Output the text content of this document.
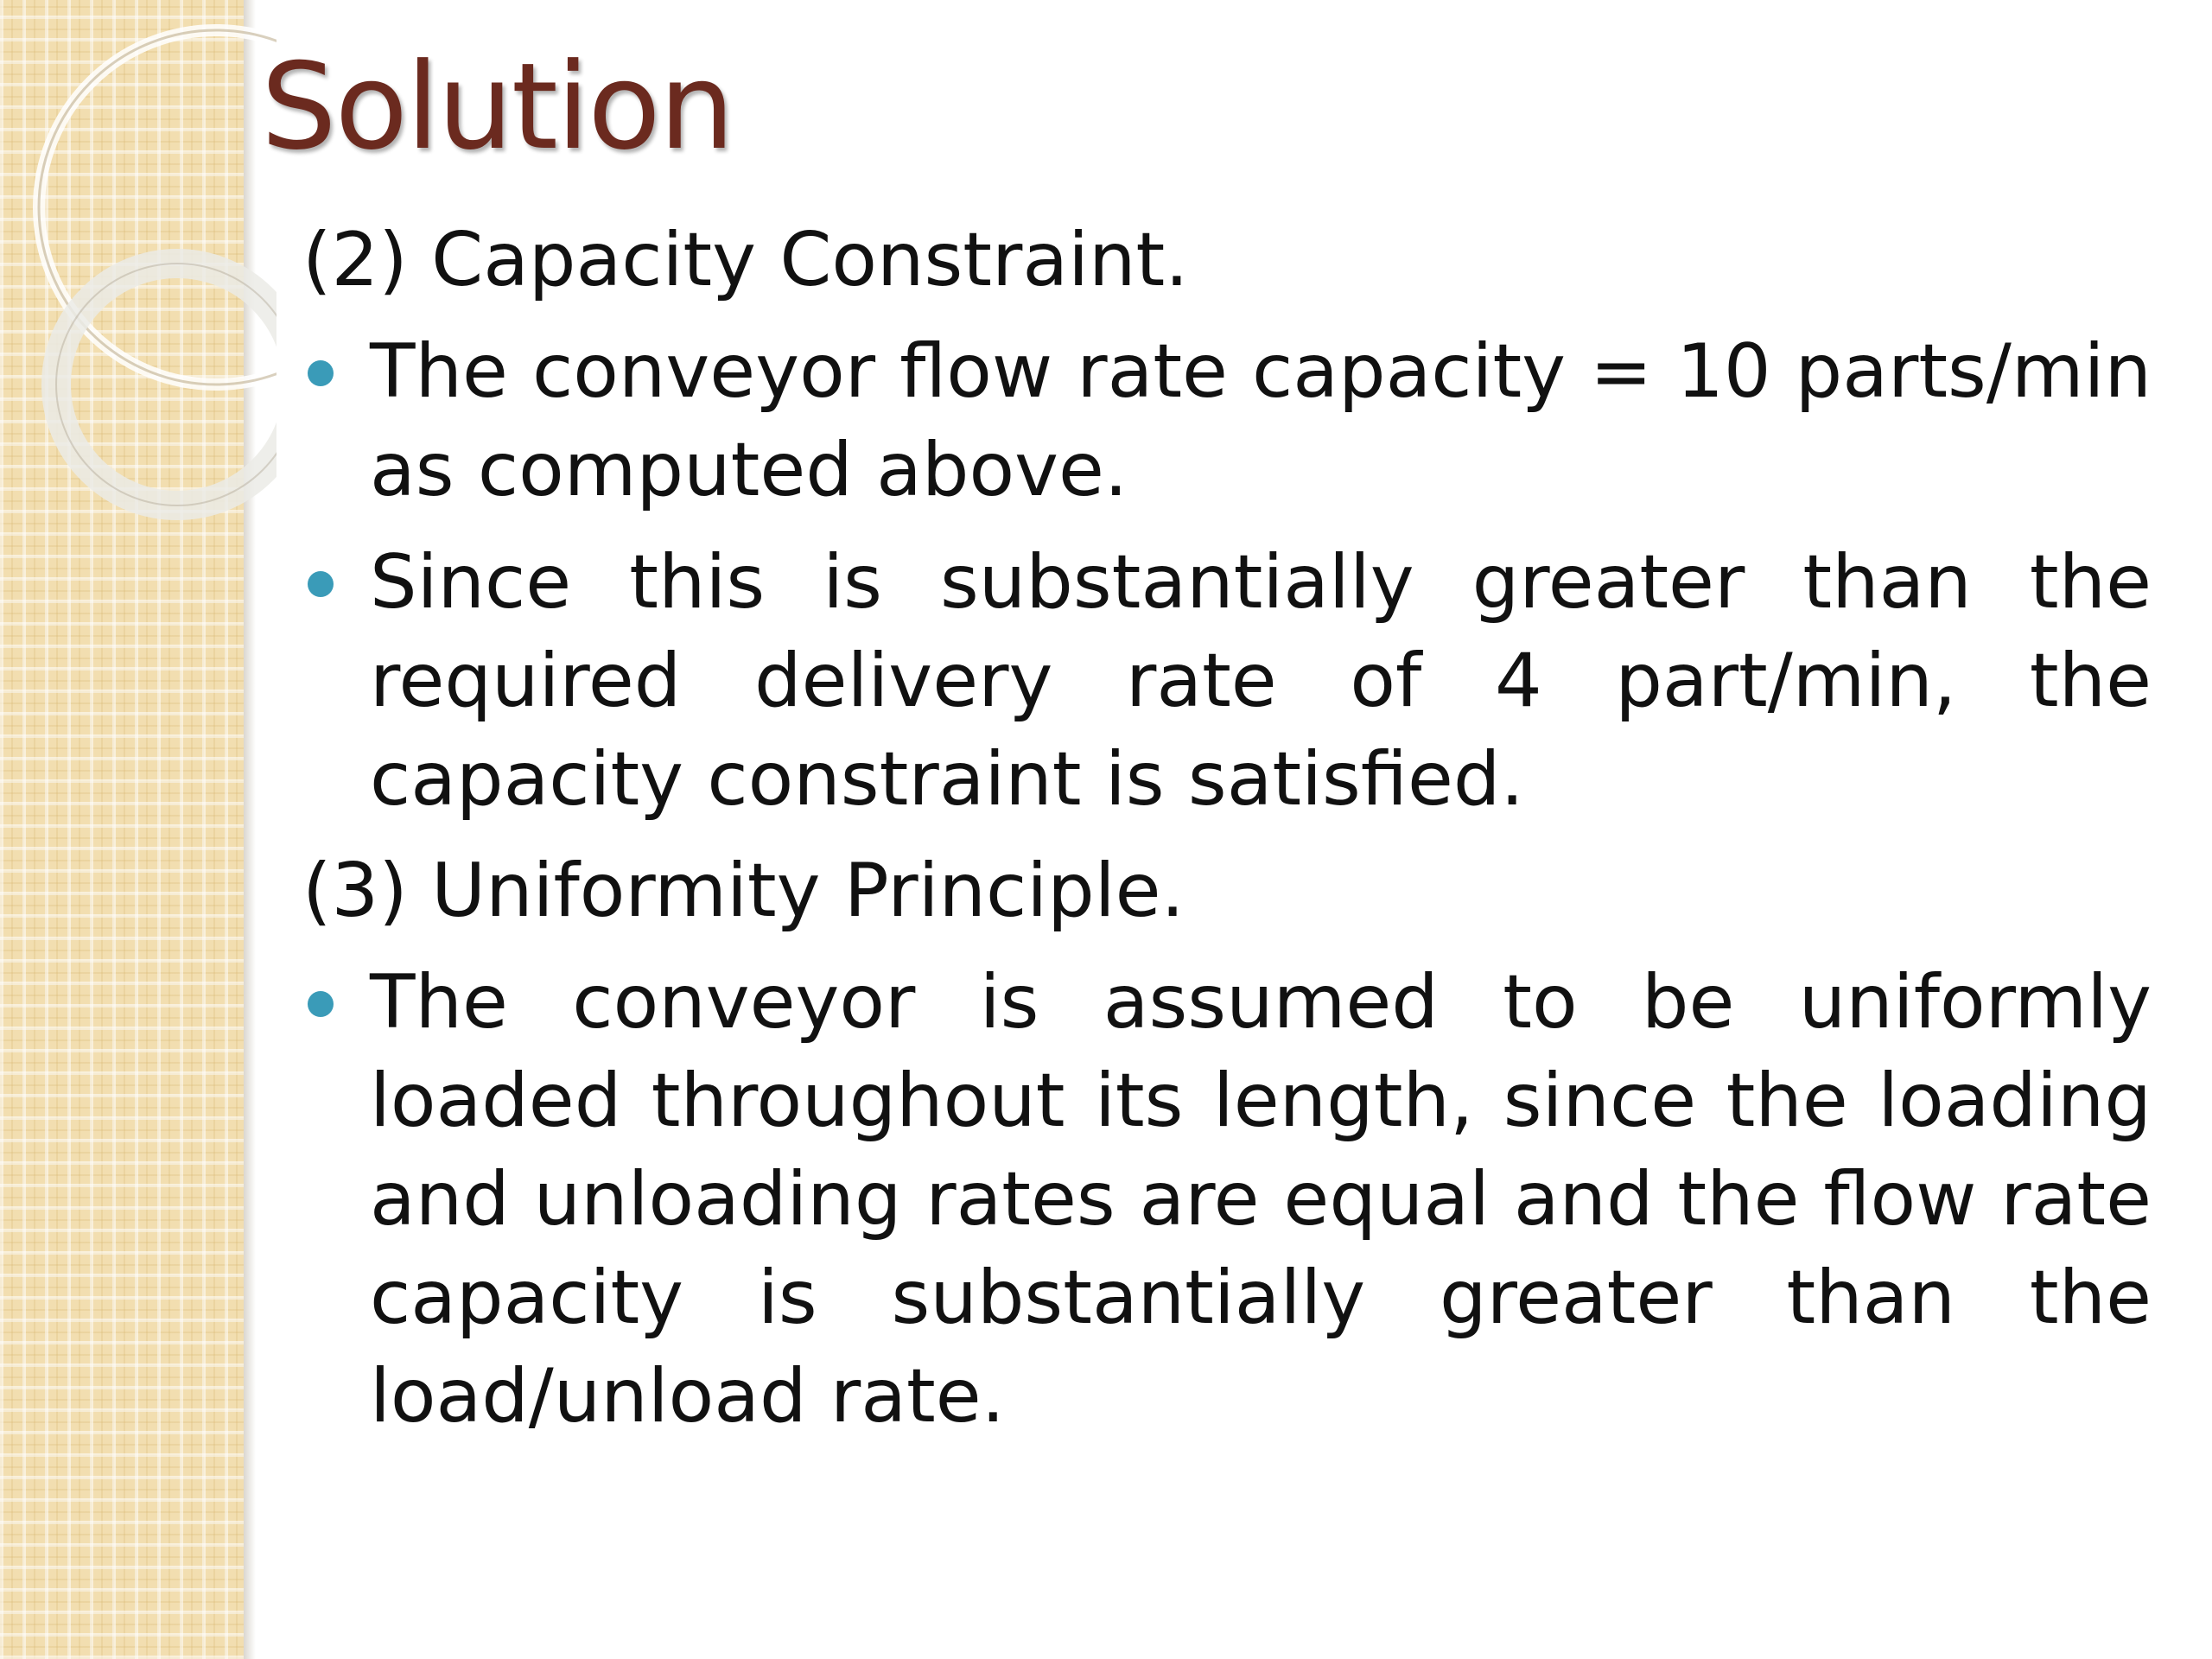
Solution
(2) Capacity Constraint.
The conveyor flow rate capacity = 10 parts/min as computed above.
Since this is substantially greater than the required delivery rate of 4 part/min, the capacity constraint is satisfied.
(3) Uniformity Principle.
The conveyor is assumed to be uniformly loaded throughout its length, since the loading and unloading rates are equal and the flow rate capacity is substantially greater than the load/unload rate.
